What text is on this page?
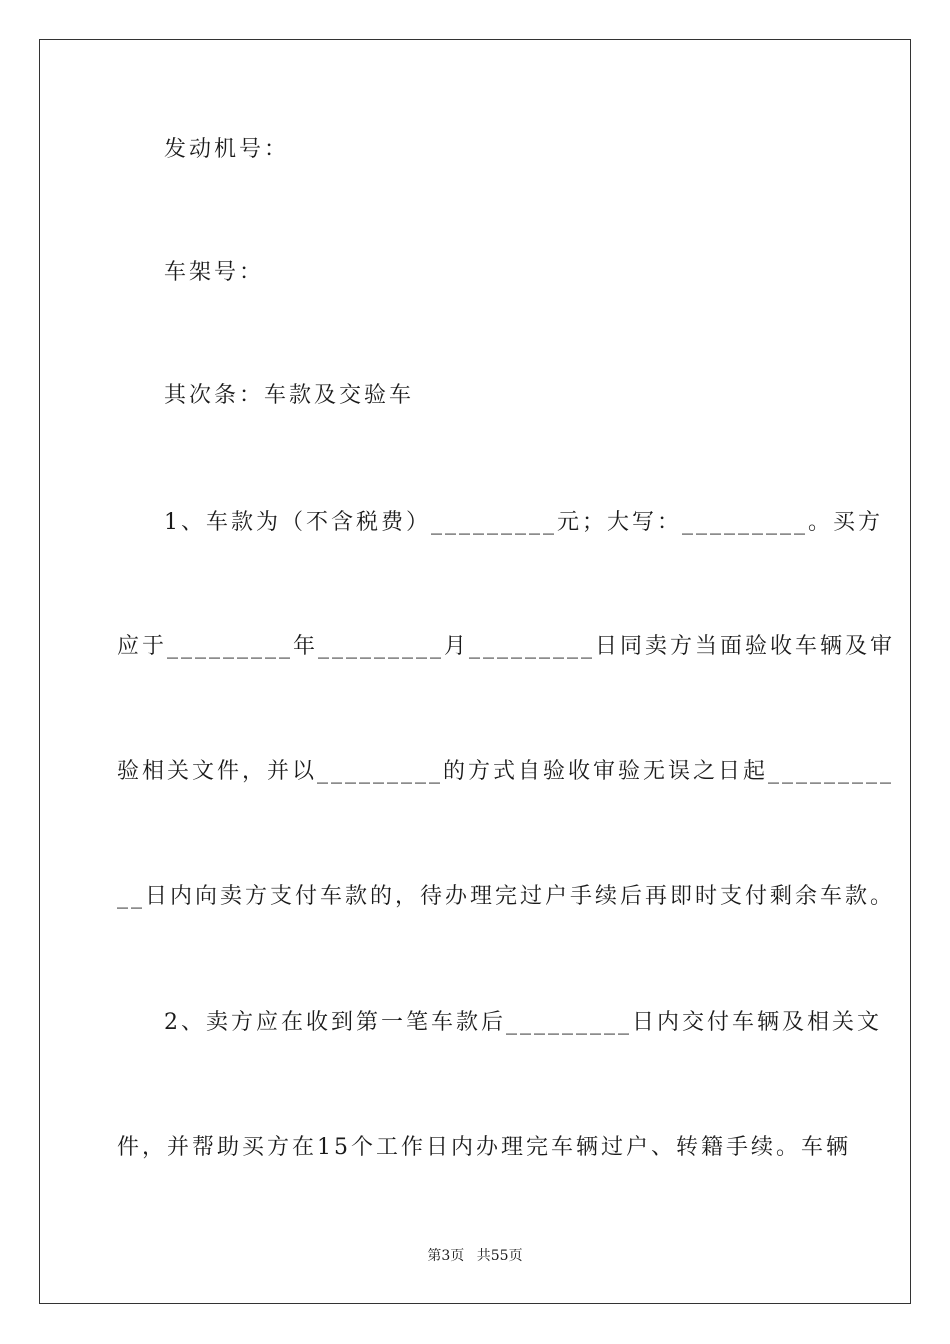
发动机号：
车架号：
其次条：车款及交验车
1、车款为（不含税费）_________元；大写：_________。买方
应于_________年_________月_________日同卖方当面验收车辆及审
验相关文件，并以_________的方式自验收审验无误之日起_________
__日内向卖方支付车款的，待办理完过户手续后再即时支付剩余车款。
2、卖方应在收到第一笔车款后_________日内交付车辆及相关文
件，并帮助买方在15个工作日内办理完车辆过户、转籍手续。车辆
第3页 共55页
